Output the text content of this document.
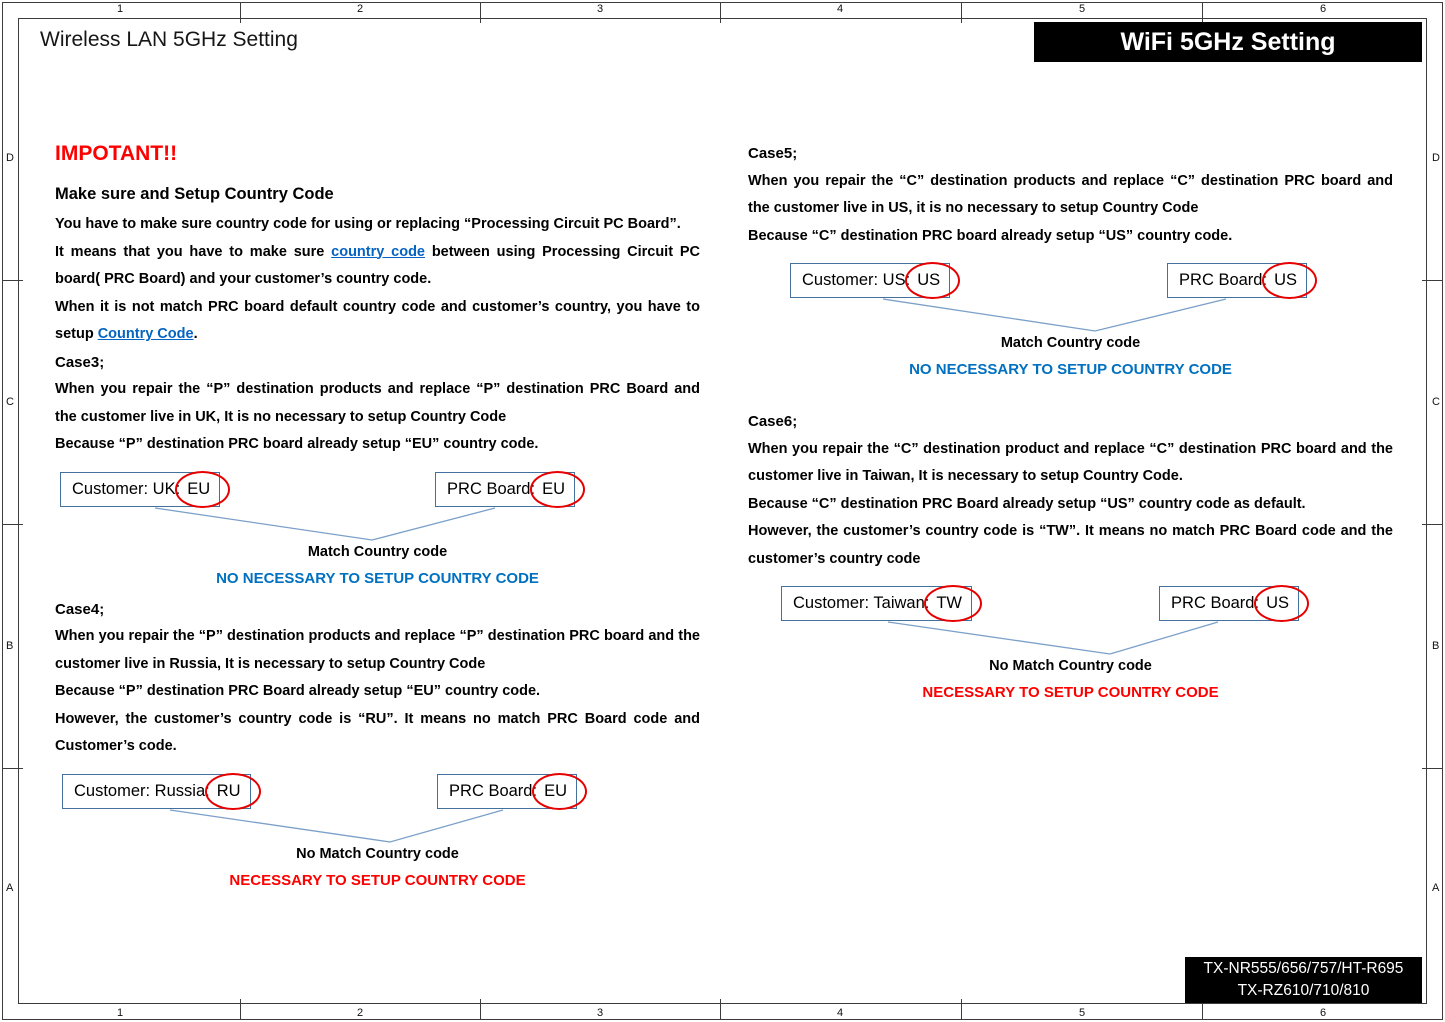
1	2	3	4	5	6
1	2	3	4	5	6
D
C
B
A
D
C
B
A
Wireless LAN 5GHz Setting	WiFi 5GHz Setting
IMPOTANT!!
Make sure and Setup Country Code

You have to make sure country code for using or replacing “Processing Circuit PC Board”.

It means that you have to make sure country code between using Processing Circuit PC board( PRC Board) and your customer’s country code.

When it is not match PRC board default country code and customer’s country, you have to setup Country Code.

Case3;

When you repair the “P” destination products and replace “P” destination PRC Board and the customer live in UK, It is no necessary to setup Country Code

Because “P” destination PRC board already setup “EU” country code.

Customer: UK: EU	PRC Board: EU
Match Country code
NO NECESSARY TO SETUP COUNTRY CODE

Case4;

When you repair the “P” destination products and replace “P” destination PRC board and the customer live in Russia, It is necessary to setup Country Code

Because “P” destination PRC Board already setup “EU” country code.

However, the customer’s country code is “RU”. It means no match PRC Board code and Customer’s code.

Customer: Russia: RU	PRC Board: EU
No Match Country code
NECESSARY TO SETUP COUNTRY CODE

Case5;

When you repair the “C” destination products and replace “C” destination PRC board and the customer live in US, it is no necessary to setup Country Code

Because “C” destination PRC board already setup “US” country code.

Customer: US: US	PRC Board: US
Match Country code
NO NECESSARY TO SETUP COUNTRY CODE

Case6;

When you repair the “C” destination product and replace “C” destination PRC board and the customer live in Taiwan, It is necessary to setup Country Code.

Because “C” destination PRC Board already setup “US” country code as default.

However, the customer’s country code is “TW”. It means no match PRC Board code and the customer’s country code

Customer: Taiwan: TW	PRC Board: US
No Match Country code
NECESSARY TO SETUP COUNTRY CODE
TX-NR555/656/757/HT-R695
TX-RZ610/710/810
